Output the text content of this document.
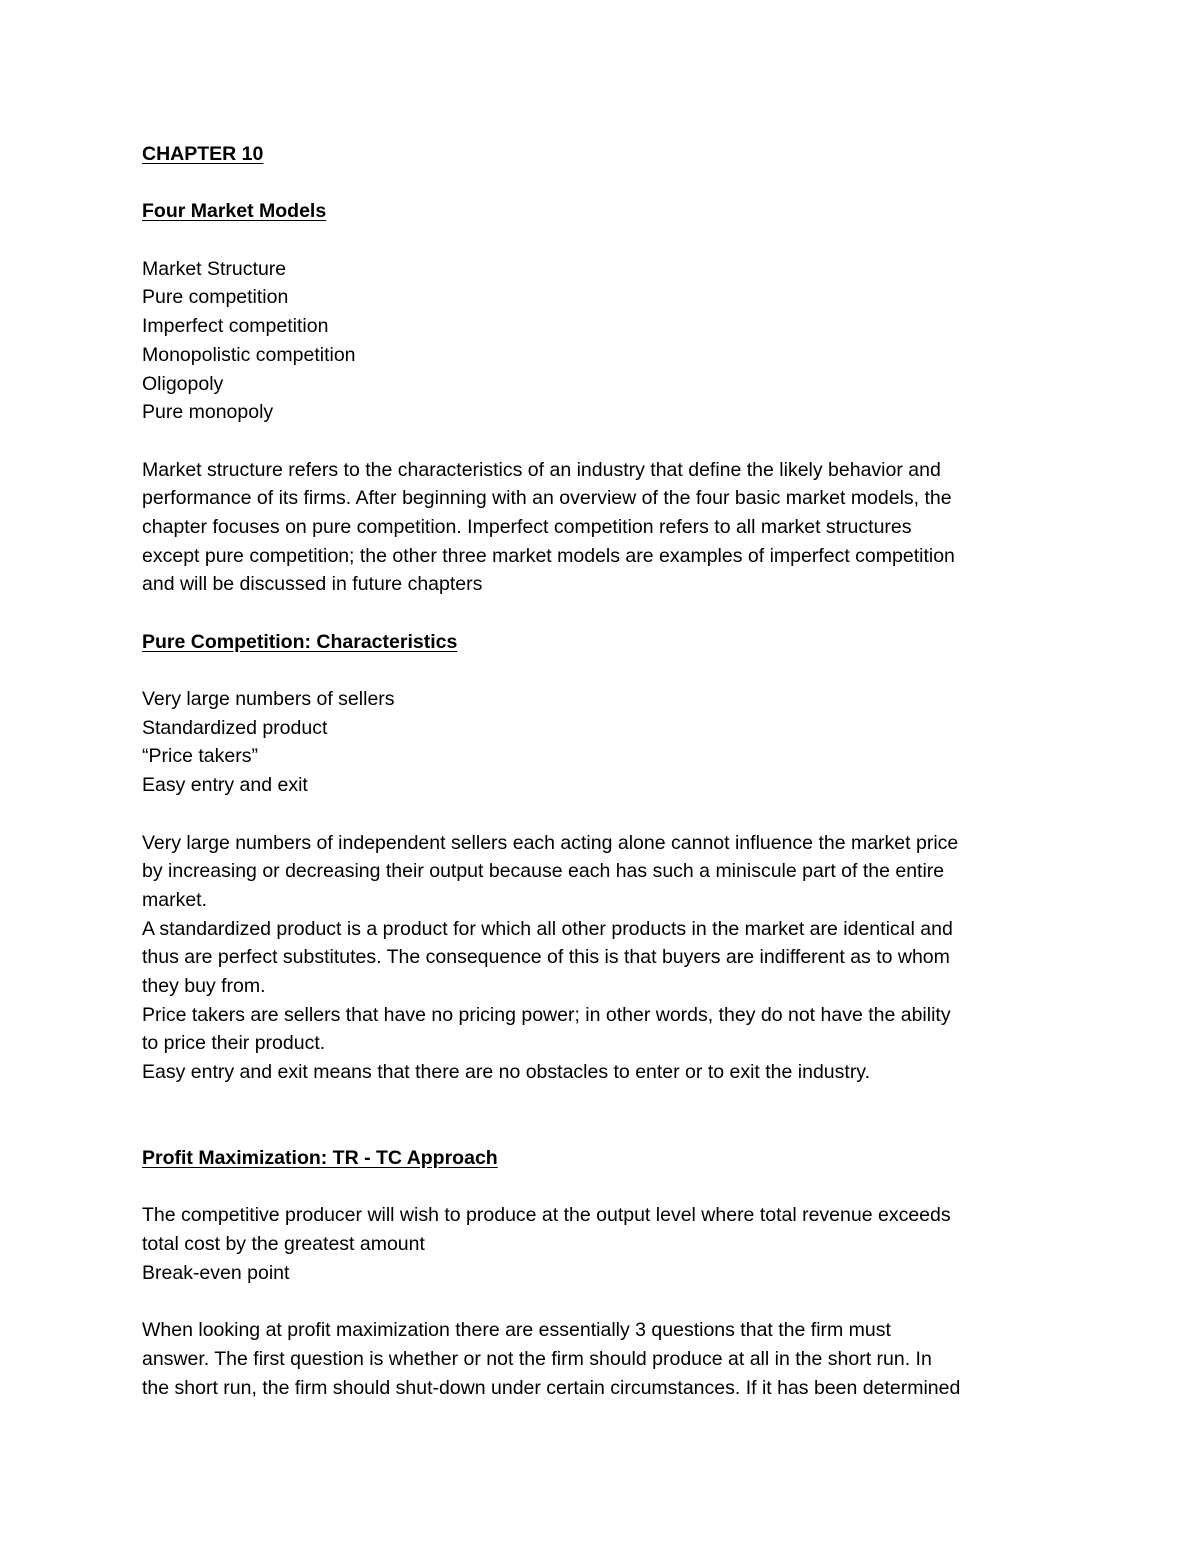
CHAPTER 10
Four Market Models
Market Structure
Pure competition
Imperfect competition
Monopolistic competition
Oligopoly
Pure monopoly
Market structure refers to the characteristics of an industry that define the likely behavior and
performance of its firms. After beginning with an overview of the four basic market models, the
chapter focuses on pure competition. Imperfect competition refers to all market structures
except pure competition; the other three market models are examples of imperfect competition
and will be discussed in future chapters
Pure Competition: Characteristics
Very large numbers of sellers
Standardized product
“Price takers”
Easy entry and exit
Very large numbers of independent sellers each acting alone cannot influence the market price
by increasing or decreasing their output because each has such a miniscule part of the entire
market.
A standardized product is a product for which all other products in the market are identical and
thus are perfect substitutes. The consequence of this is that buyers are indifferent as to whom
they buy from.
Price takers are sellers that have no pricing power; in other words, they do not have the ability
to price their product.
Easy entry and exit means that there are no obstacles to enter or to exit the industry.
Profit Maximization: TR - TC Approach
The competitive producer will wish to produce at the output level where total revenue exceeds
total cost by the greatest amount
Break-even point
When looking at profit maximization there are essentially 3 questions that the firm must
answer. The first question is whether or not the firm should produce at all in the short run. In
the short run, the firm should shut-down under certain circumstances. If it has been determined
